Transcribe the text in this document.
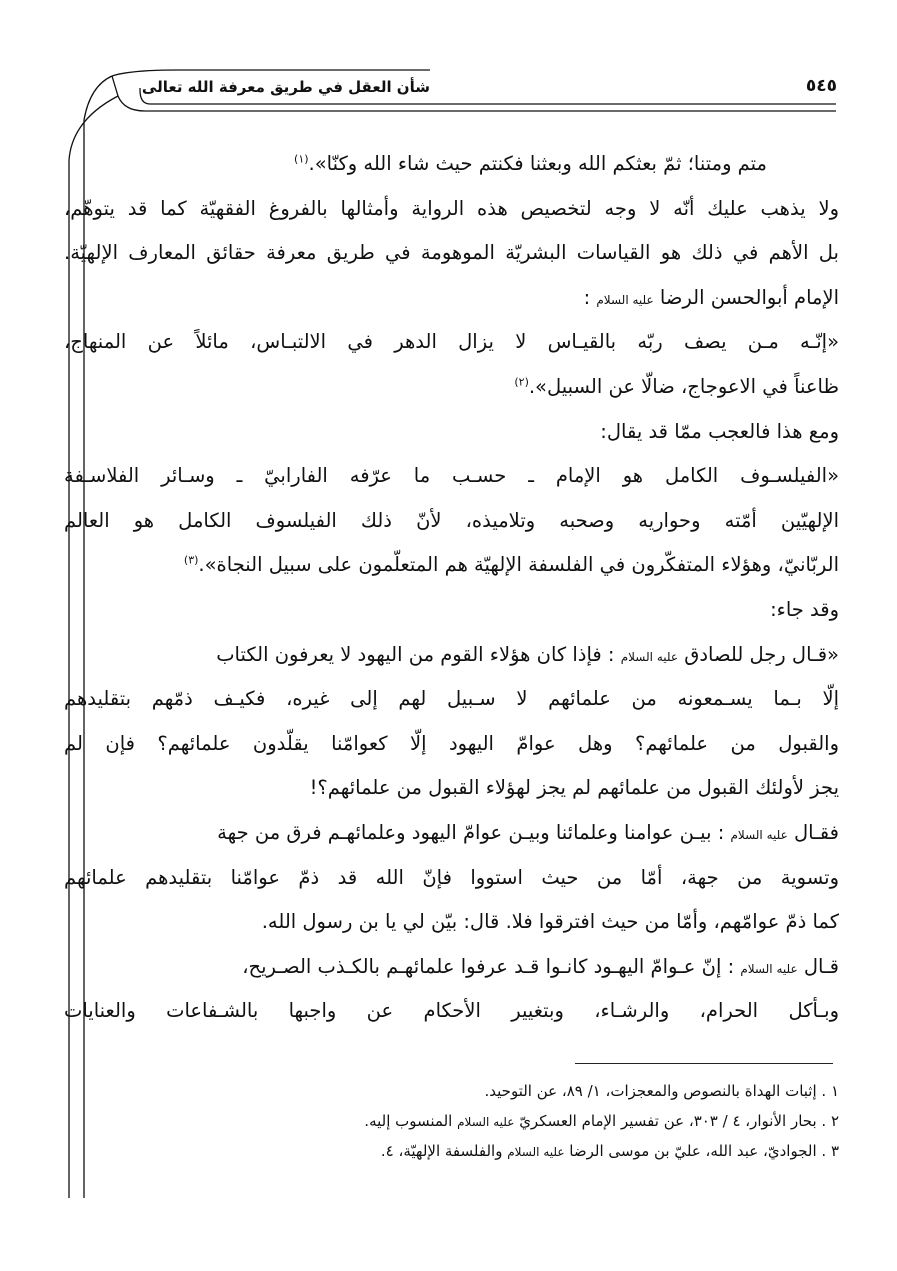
٥٤٥
شأن العقل في طريق معرفة الله تعالى
متم ومتنا؛ ثمّ بعثكم الله وبعثنا فكنتم حيث شاء الله وكنّا».$^{(١)}$
ولا يذهب عليك أنّه لا وجه لتخصيص هذه الرواية وأمثالها بالفروغ الفقهيّة كما قد يتوهّم،
بل الأهم في ذلك هو القياسات البشريّة الموهومة في طريق معرفة حقائق المعارف الإلهيّة.
الإمام أبوالحسن الرضا عليه السلام :
«إنّـه مـن يصف ربّه بالقيـاس لا يزال الدهر في الالتبـاس، مائلاً عن المنهاج،
ظاعناً في الاعوجاج، ضالّا عن السبيل».$^{(٢)}$
ومع هذا فالعجب ممّا قد يقال:
«الفيلسـوف الكامل هو الإمام ـ حسـب ما عرّفه الفارابيّ ـ وسـائر الفلاسـفة
الإلهيّين أمّته وحواريه وصحبه وتلاميذه، لأنّ ذلك الفيلسوف الكامل هو العالم
الربّانيّ، وهؤلاء المتفكّرون في الفلسفة الإلهيّة هم المتعلّمون على سبيل النجاة».$^{(٣)}$
وقد جاء:
«قـال رجل للصادق عليه السلام : فإذا كان هؤلاء القوم من اليهود لا يعرفون الكتاب
إلّا بـما يسـمعونه من علمائهم لا سـبيل لهم إلى غيره، فكيـف ذمّهم بتقليدهم
والقبول من علمائهم؟ وهل عوامّ اليهود إلّا كعوامّنا يقلّدون علمائهم؟ فإن لم
يجز لأولئك القبول من علمائهم لم يجز لهؤلاء القبول من علمائهم؟!
فقـال عليه السلام : بيـن عوامنا وعلمائنا وبيـن عوامّ اليهود وعلمائهـم فرق من جهة
وتسوية من جهة، أمّا من حيث استووا فإنّ الله قد ذمّ عوامّنا بتقليدهم علمائهم
كما ذمّ عوامّهم، وأمّا من حيث افترقوا فلا. قال: بيّن لي يا بن رسول الله.
قـال عليه السلام : إنّ عـوامّ اليهـود كانـوا قـد عرفوا علمائهـم بالكـذب الصـريح،
وبـأكل الحرام، والرشـاء، وبتغيير الأحكام عن واجبها بالشـفاعات والعنايات
١ . إثبات الهداة بالنصوص والمعجزات، ١/ ٨٩، عن التوحيد.
٢ . بحار الأنوار، ٤ / ٣٠٣، عن تفسير الإمام العسكريّ عليه السلام المنسوب إليه.
٣ . الجواديّ، عبد الله، عليّ بن موسى الرضا عليه السلام والفلسفة الإلهيّة، ٤.
